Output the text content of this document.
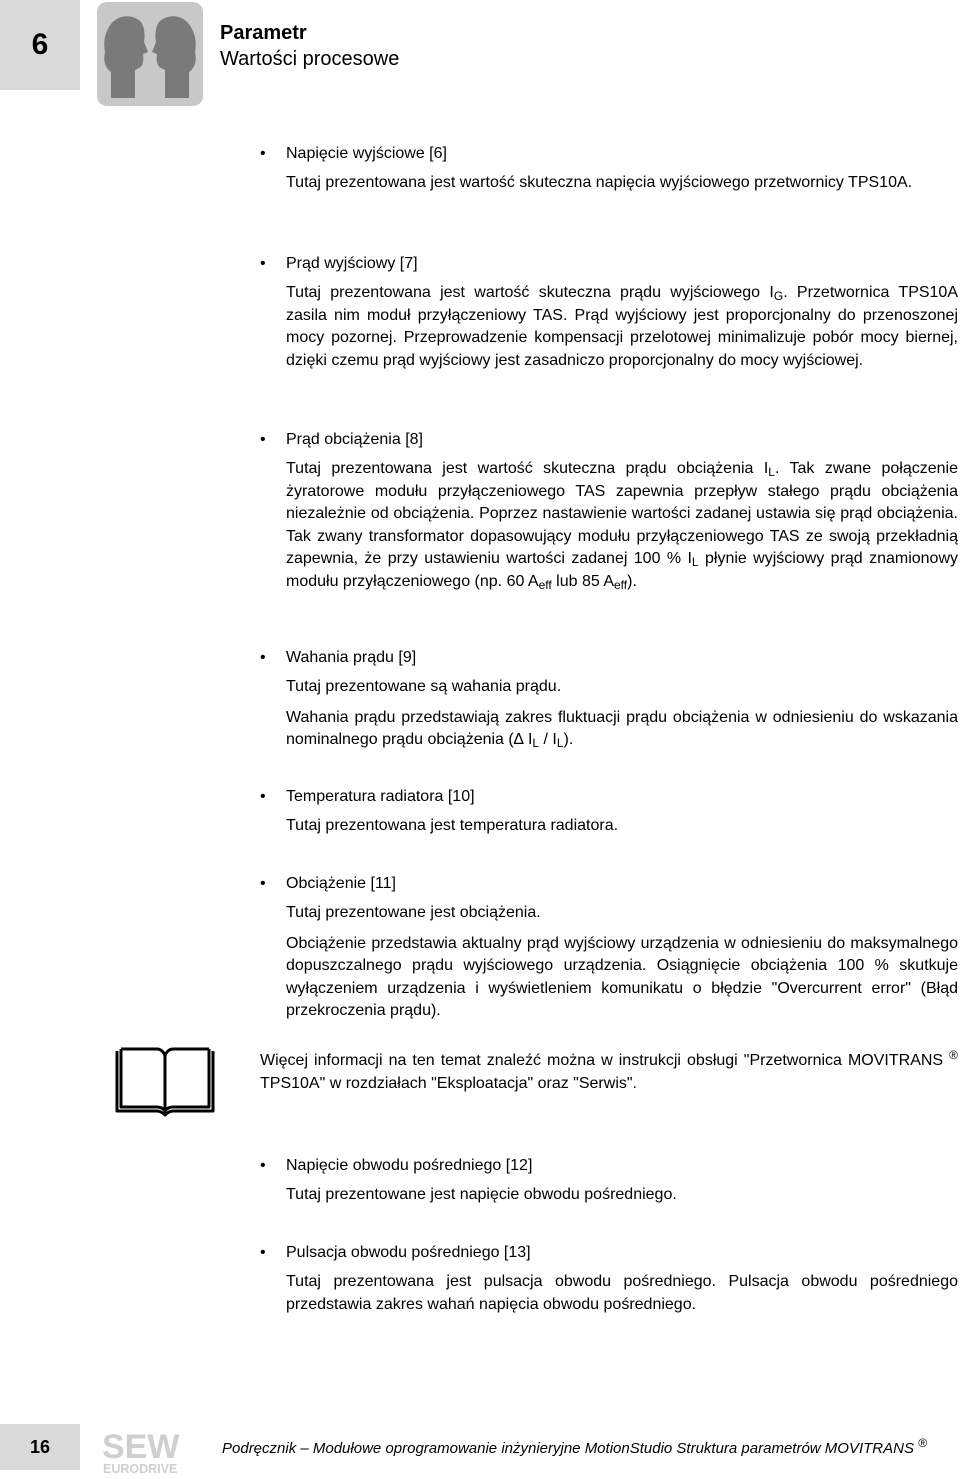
6	Parametr
Wartości procesowe
• Napięcie wyjściowe [6]

Tutaj prezentowana jest wartość skuteczna napięcia wyjściowego przetwornicy TPS10A.

• Prąd wyjściowy [7]

Tutaj prezentowana jest wartość skuteczna prądu wyjściowego $I_G$. Przetwornica TPS10A zasila nim moduł przyłączeniowy TAS. Prąd wyjściowy jest proporcjonalny do przenoszonej mocy pozornej. Przeprowadzenie kompensacji przelotowej minimalizuje pobór mocy biernej, dzięki czemu prąd wyjściowy jest zasadniczo proporcjonalny do mocy wyjściowej.

• Prąd obciążenia [8]

Tutaj prezentowana jest wartość skuteczna prądu obciążenia $I_L$. Tak zwane połączenie żyratorowe modułu przyłączeniowego TAS zapewnia przepływ stałego prądu obciążenia niezależnie od obciążenia. Poprzez nastawienie wartości zadanej ustawia się prąd obciążenia. Tak zwany transformator dopasowujący modułu przyłączeniowego TAS ze swoją przekładnią zapewnia, że przy ustawieniu wartości zadanej 100 % $I_L$ płynie wyjściowy prąd znamionowy modułu przyłączeniowego (np. 60 $A_{eff}$ lub 85 $A_{eff}$).

• Wahania prądu [9]

Tutaj prezentowane są wahania prądu.

Wahania prądu przedstawiają zakres fluktuacji prądu obciążenia w odniesieniu do wskazania nominalnego prądu obciążenia (∆ $I_L / I_L$).

• Temperatura radiatora [10]

Tutaj prezentowana jest temperatura radiatora.

• Obciążenie [11]

Tutaj prezentowane jest obciążenia.

Obciążenie przedstawia aktualny prąd wyjściowy urządzenia w odniesieniu do maksymalnego dopuszczalnego prądu wyjściowego urządzenia. Osiągnięcie obciążenia 100 % skutkuje wyłączeniem urządzenia i wyświetleniem komunikatu o błędzie "Overcurrent error" (Błąd przekroczenia prądu).

• Napięcie obwodu pośredniego [12]

Tutaj prezentowane jest napięcie obwodu pośredniego.

• Pulsacja obwodu pośredniego [13]

Tutaj prezentowana jest pulsacja obwodu pośredniego. Pulsacja obwodu pośredniego przedstawia zakres wahań napięcia obwodu pośredniego.

Więcej informacji na ten temat znaleźć można w instrukcji obsługi "Przetwornica MOVITRANS ® TPS10A" w rozdziałach "Eksploatacja" oraz "Serwis".
16	SEW
EURODRIVE
Podręcznik – Modułowe oprogramowanie inżynieryjne MotionStudio Struktura parametrów MOVITRANS ®
